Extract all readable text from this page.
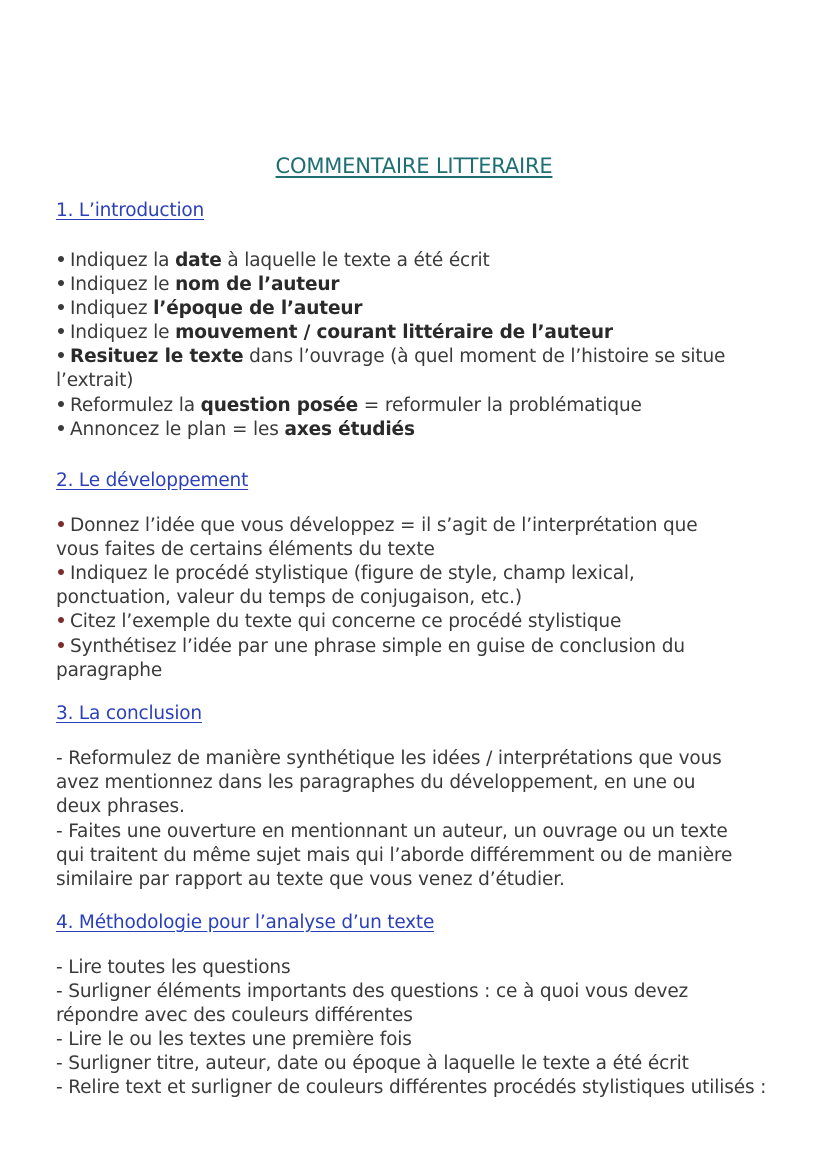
COMMENTAIRE LITTERAIRE
1. L’introduction
Indiquez la date à laquelle le texte a été écrit
Indiquez le nom de l’auteur
Indiquez l’époque de l’auteur
Indiquez le mouvement / courant littéraire de l’auteur
Resituez le texte dans l’ouvrage (à quel moment de l’histoire se situe
l’extrait)
Reformulez la question posée = reformuler la problématique
Annoncez le plan = les axes étudiés
2. Le développement
Donnez l’idée que vous développez = il s’agit de l’interprétation que
vous faites de certains éléments du texte
Indiquez le procédé stylistique (figure de style, champ lexical,
ponctuation, valeur du temps de conjugaison, etc.)
Citez l’exemple du texte qui concerne ce procédé stylistique
Synthétisez l’idée par une phrase simple en guise de conclusion du
paragraphe
3. La conclusion
- Reformulez de manière synthétique les idées / interprétations que vous
avez mentionnez dans les paragraphes du développement, en une ou
deux phrases.
- Faites une ouverture en mentionnant un auteur, un ouvrage ou un texte
qui traitent du même sujet mais qui l’aborde différemment ou de manière
similaire par rapport au texte que vous venez d’étudier.
4. Méthodologie pour l’analyse d’un texte
- Lire toutes les questions
- Surligner éléments importants des questions : ce à quoi vous devez
répondre avec des couleurs différentes
- Lire le ou les textes une première fois
- Surligner titre, auteur, date ou époque à laquelle le texte a été écrit
- Relire text et surligner de couleurs différentes procédés stylistiques utilisés :
